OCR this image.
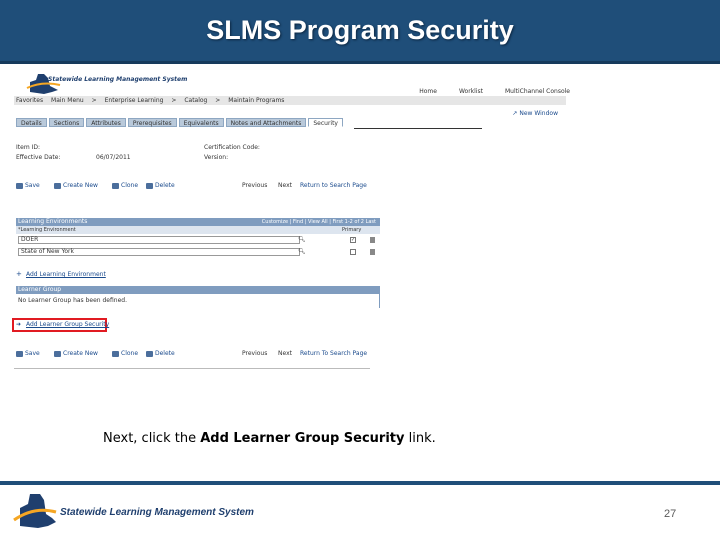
SLMS Program Security
Statewide Learning Management System
Home	Worklist	MultiChannel Console
Favorites Main Menu > Enterprise Learning > Catalog > Maintain Programs
↗ New Window
Details	Sections	Attributes	Prerequisites	Equivalents	Notes and Attachments	Security
Item ID:
Effective Date:	06/07/2011
Certification Code:
Version:
Save	Create New	Clone	Delete	Previous Next Return to Search Page
Learning Environments	Customize | Find | View All | First 1-2 of 2 Last
*Learning Environment	Primary
DOER	🔍︎	✓
State of New York	🔍︎
+ Add Learning Environment
Learner Group
No Learner Group has been defined.
➜ Add Learner Group Security
Save	Create New	Clone	Delete	Previous Next Return To Search Page
Next, click the Add Learner Group Security link.
Statewide Learning Management System	27
